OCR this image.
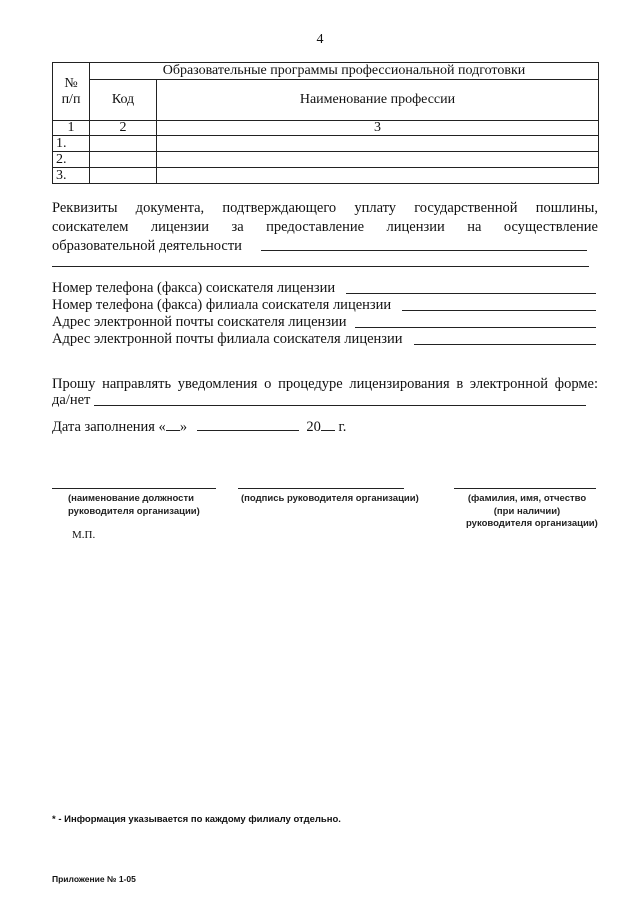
4
№
п/п	Образовательные программы профессиональной подготовки	
	Код	Наименование профессии
1	2	3
1.		
2.		
3.		
Реквизиты документа, подтверждающего уплату государственной пошлины,
соискателем лицензии за предоставление лицензии на осуществление
образовательной деятельности
Номер телефона (факса) соискателя лицензии
Номер телефона (факса) филиала соискателя лицензии
Адрес электронной почты соискателя лицензии
Адрес электронной почты филиала соискателя лицензии
Прошу направлять уведомления о процедуре лицензирования в электронной форме:
да/нет
Дата заполнения « »	20 г.
(наименование должности
руководителя организации)
(подпись руководителя организации)	(фамилия, имя, отчество
(при наличии)
руководителя организации)
М.П.
* - Информация указывается по каждому филиалу отдельно.
Приложение № 1-05
